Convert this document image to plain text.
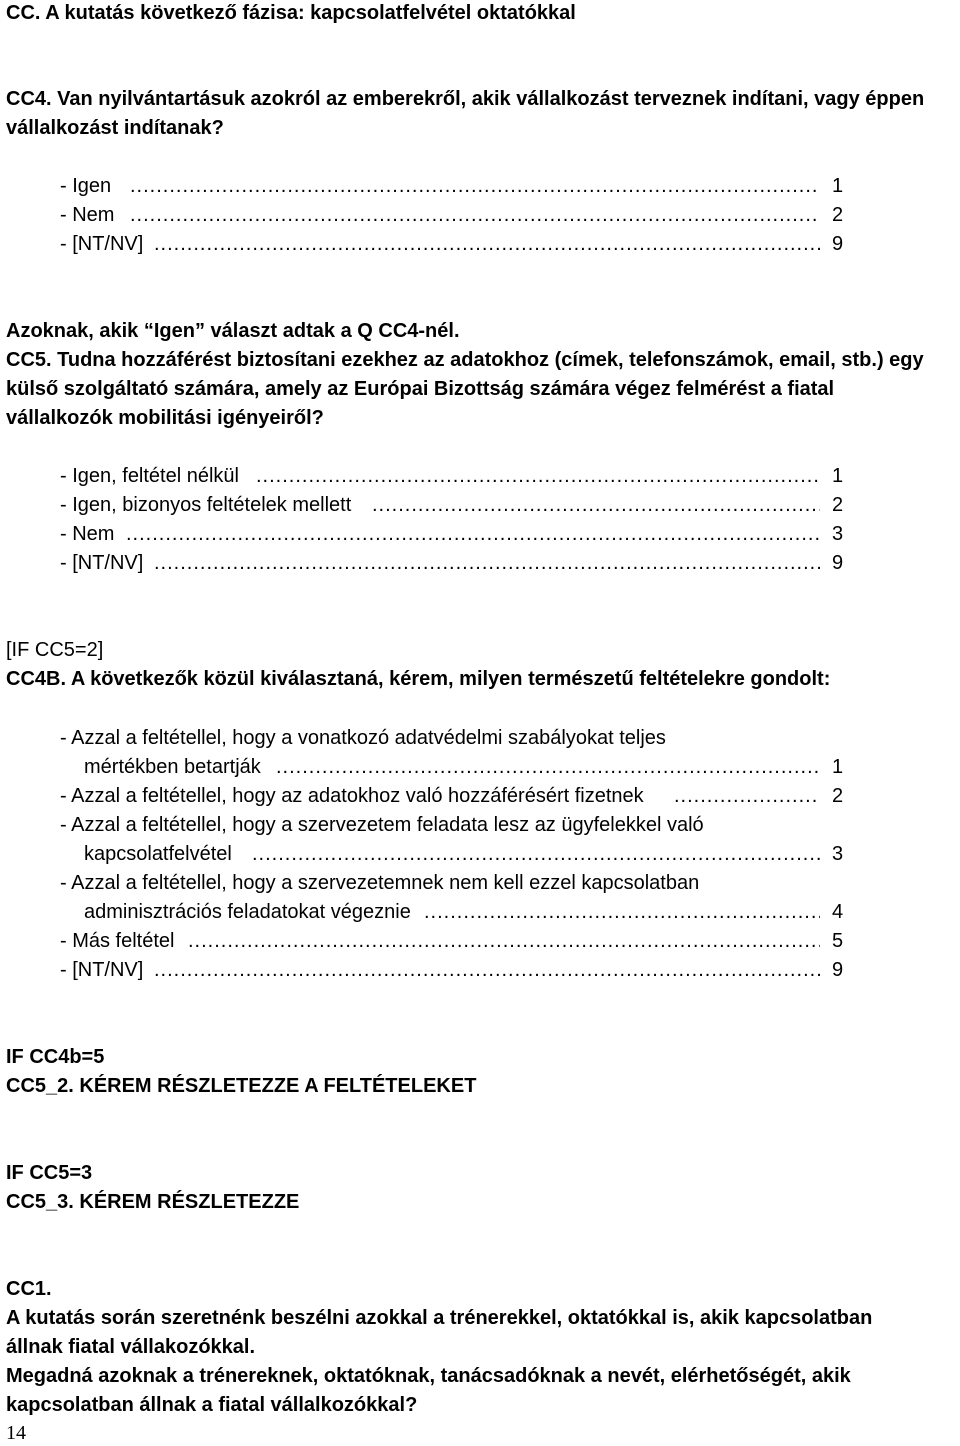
CC. A kutatás következő fázisa: kapcsolatfelvétel oktatókkal
CC4. Van nyilvántartásuk azokról az emberekről, akik vállalkozást terveznek indítani, vagy éppen
vállalkozást indítanak?
- Igen .....	1
- Nem .....	2
- [NT/NV] .....	9
Azoknak, akik “Igen” választ adtak a Q CC4-nél.
CC5. Tudna hozzáférést biztosítani ezekhez az adatokhoz (címek, telefonszámok, email, stb.) egy
külső szolgáltató számára, amely az Európai Bizottság számára végez felmérést a fiatal
vállalkozók mobilitási igényeiről?
- Igen, feltétel nélkül .....	1
- Igen, bizonyos feltételek mellett .....	2
- Nem .....	3
- [NT/NV] .....	9
[IF CC5=2]
CC4B. A következők közül kiválasztaná, kérem, milyen természetű feltételekre gondolt:
- Azzal a feltétellel, hogy a vonatkozó adatvédelmi szabályokat teljes
mértékben betartják .....	1
- Azzal a feltétellel, hogy az adatokhoz való hozzáférésért fizetnek .....	2
- Azzal a feltétellel, hogy a szervezetem feladata lesz az ügyfelekkel való
kapcsolatfelvétel .....	3
- Azzal a feltétellel, hogy a szervezetemnek nem kell ezzel kapcsolatban
adminisztrációs feladatokat végeznie .....	4
- Más feltétel .....	5
- [NT/NV] .....	9
IF CC4b=5
CC5_2. KÉREM RÉSZLETEZZE A FELTÉTELEKET
IF CC5=3
CC5_3. KÉREM RÉSZLETEZZE
CC1.
A kutatás során szeretnénk beszélni azokkal a trénerekkel, oktatókkal is, akik kapcsolatban
állnak fiatal vállakozókkal.
Megadná azoknak a trénereknek, oktatóknak, tanácsadóknak a nevét, elérhetőségét, akik
kapcsolatban állnak a fiatal vállalkozókkal?
14
